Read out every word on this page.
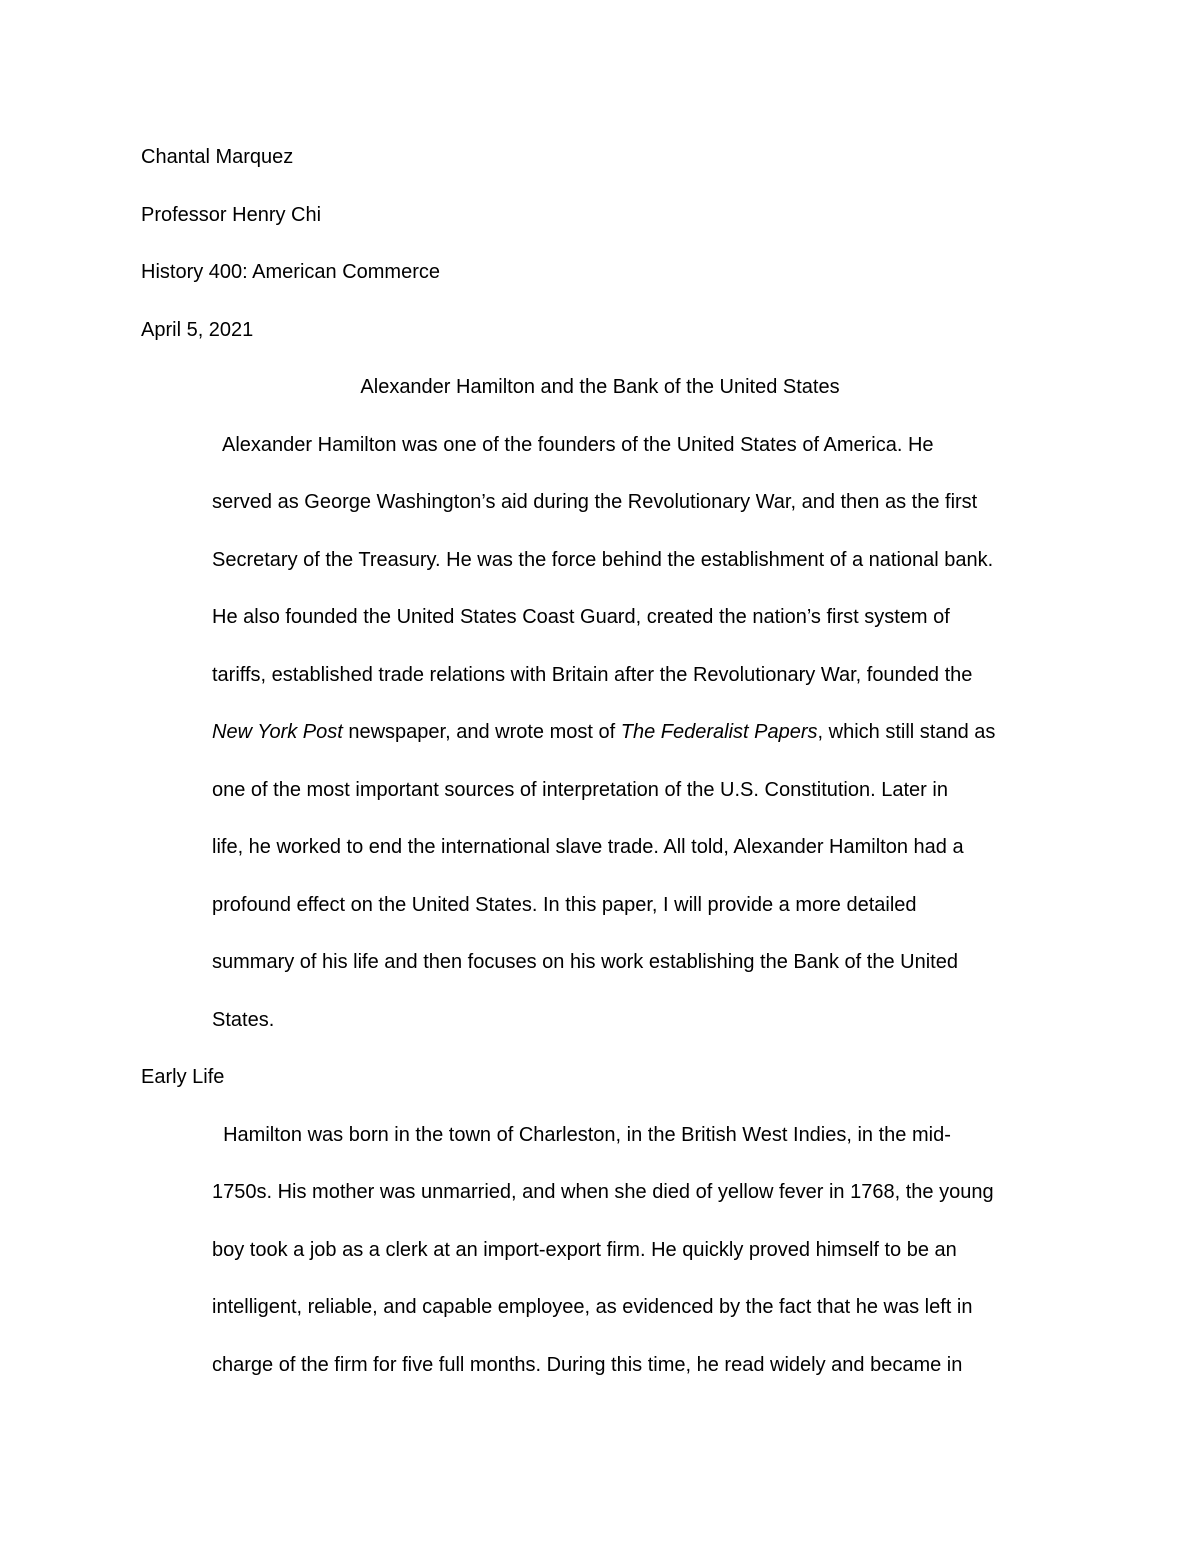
Chantal Marquez
Professor Henry Chi
History 400: American Commerce
April 5, 2021
Alexander Hamilton and the Bank of the United States
Alexander Hamilton was one of the founders of the United States of America. He
served as George Washington’s aid during the Revolutionary War, and then as the first
Secretary of the Treasury. He was the force behind the establishment of a national bank.
He also founded the United States Coast Guard, created the nation’s first system of
tariffs, established trade relations with Britain after the Revolutionary War, founded the
New York Post newspaper, and wrote most of The Federalist Papers, which still stand as
one of the most important sources of interpretation of the U.S. Constitution. Later in
life, he worked to end the international slave trade. All told, Alexander Hamilton had a
profound effect on the United States. In this paper, I will provide a more detailed
summary of his life and then focuses on his work establishing the Bank of the United
States.
Early Life
Hamilton was born in the town of Charleston, in the British West Indies, in the mid-
1750s. His mother was unmarried, and when she died of yellow fever in 1768, the young
boy took a job as a clerk at an import-export firm. He quickly proved himself to be an
intelligent, reliable, and capable employee, as evidenced by the fact that he was left in
charge of the firm for five full months. During this time, he read widely and became in
